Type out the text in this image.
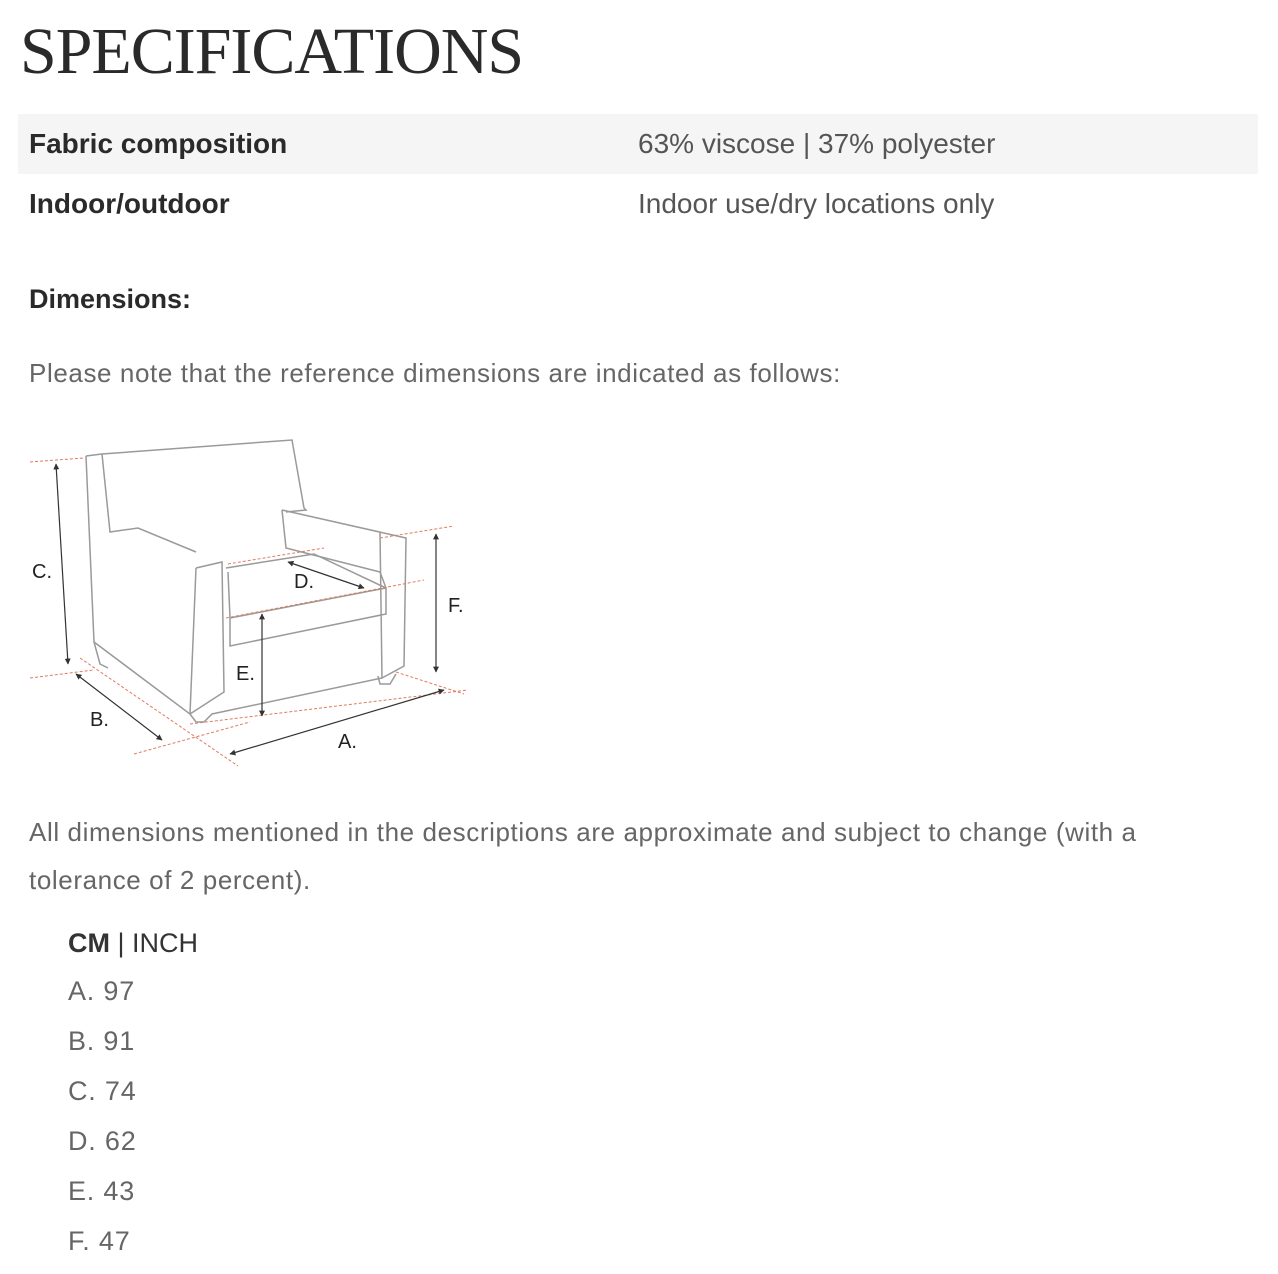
SPECIFICATIONS
Fabric composition	63% viscose | 37% polyester
Indoor/outdoor	Indoor use/dry locations only
Dimensions:

Please note that the reference dimensions are indicated as follows:

C.
B.
A.
D.
E.
F.

All dimensions mentioned in the descriptions are approximate and subject to change (with a tolerance of 2 percent).

CM | INCH
A. 97
B. 91
C. 74
D. 62
E. 43
F. 47
